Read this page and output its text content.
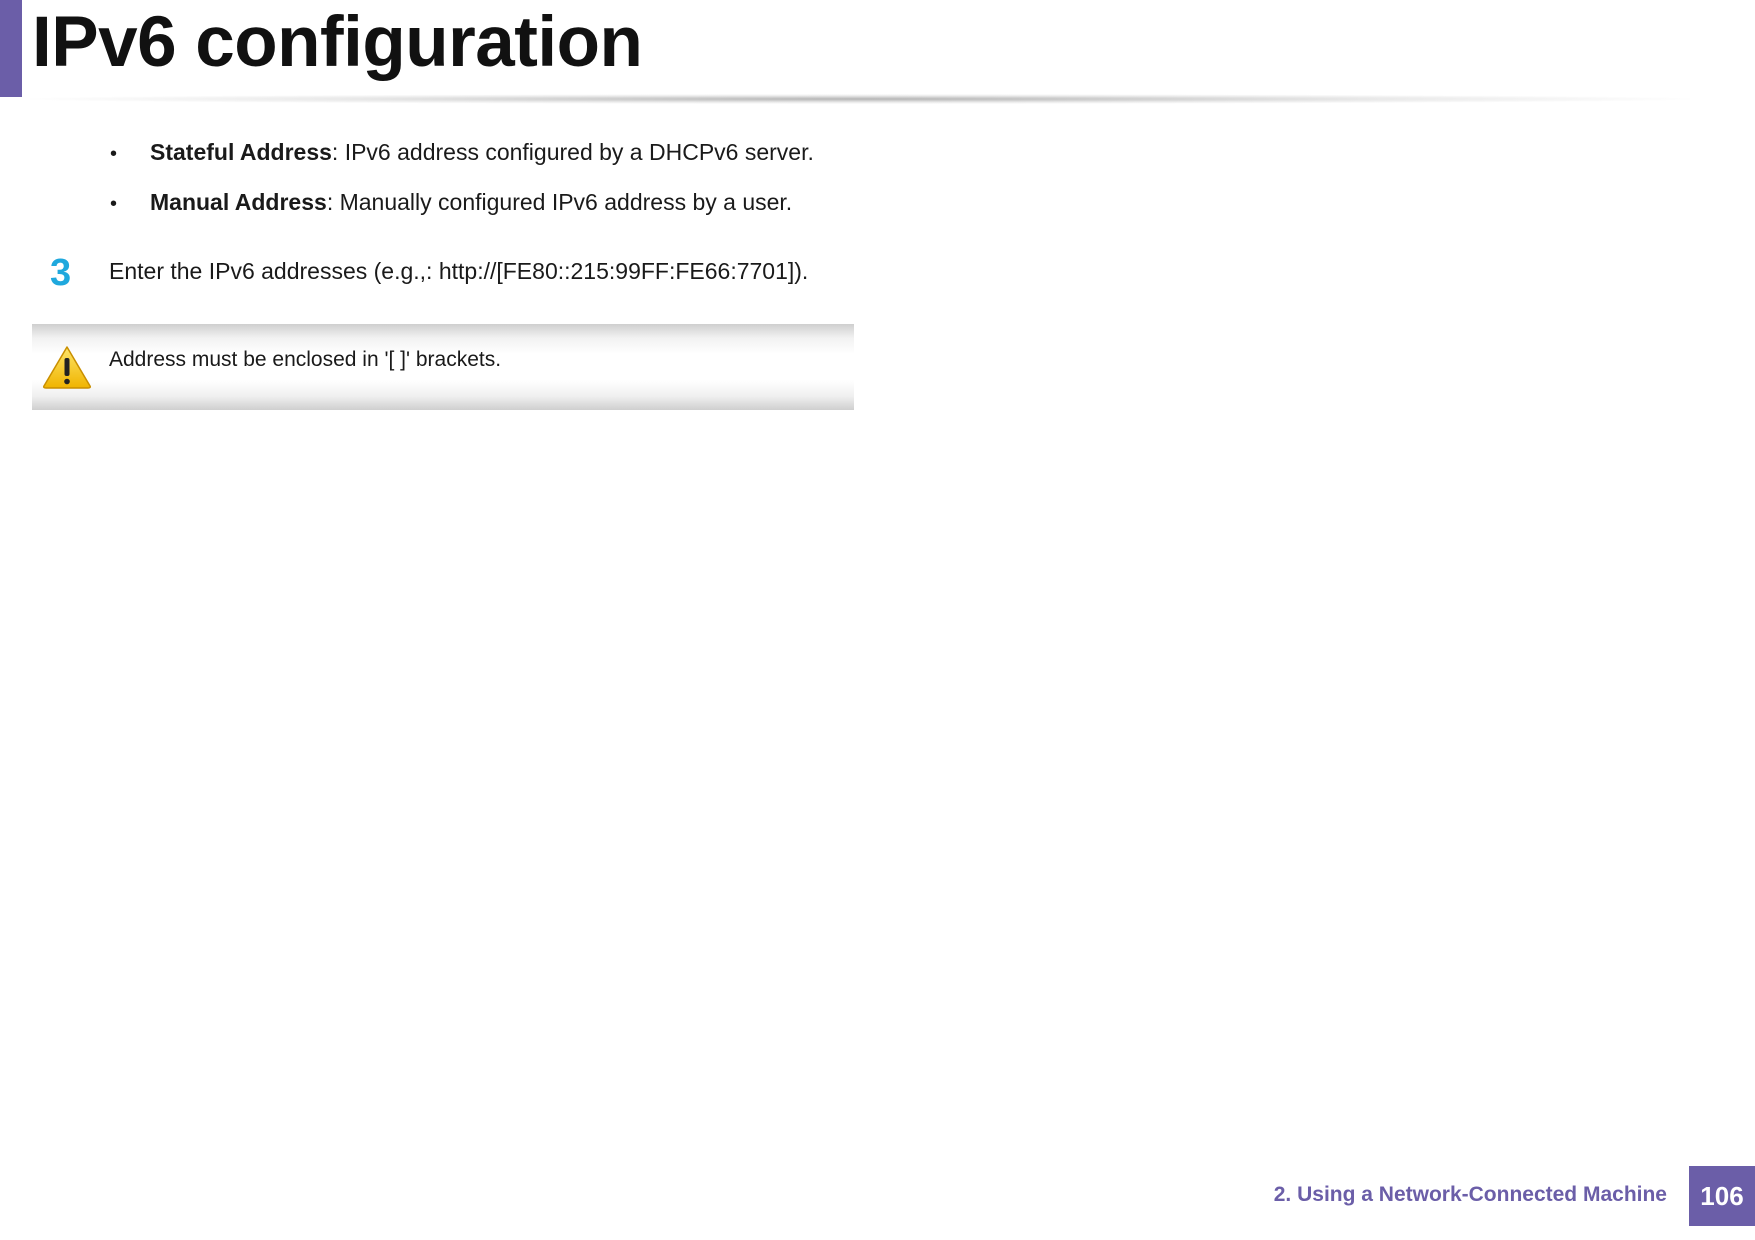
IPv6 configuration
• Stateful Address: IPv6 address configured by a DHCPv6 server.
• Manual Address: Manually configured IPv6 address by a user.
3 Enter the IPv6 addresses (e.g.,: http://[FE80::215:99FF:FE66:7701]).
Address must be enclosed in '[ ]' brackets.
2. Using a Network-Connected Machine	106
